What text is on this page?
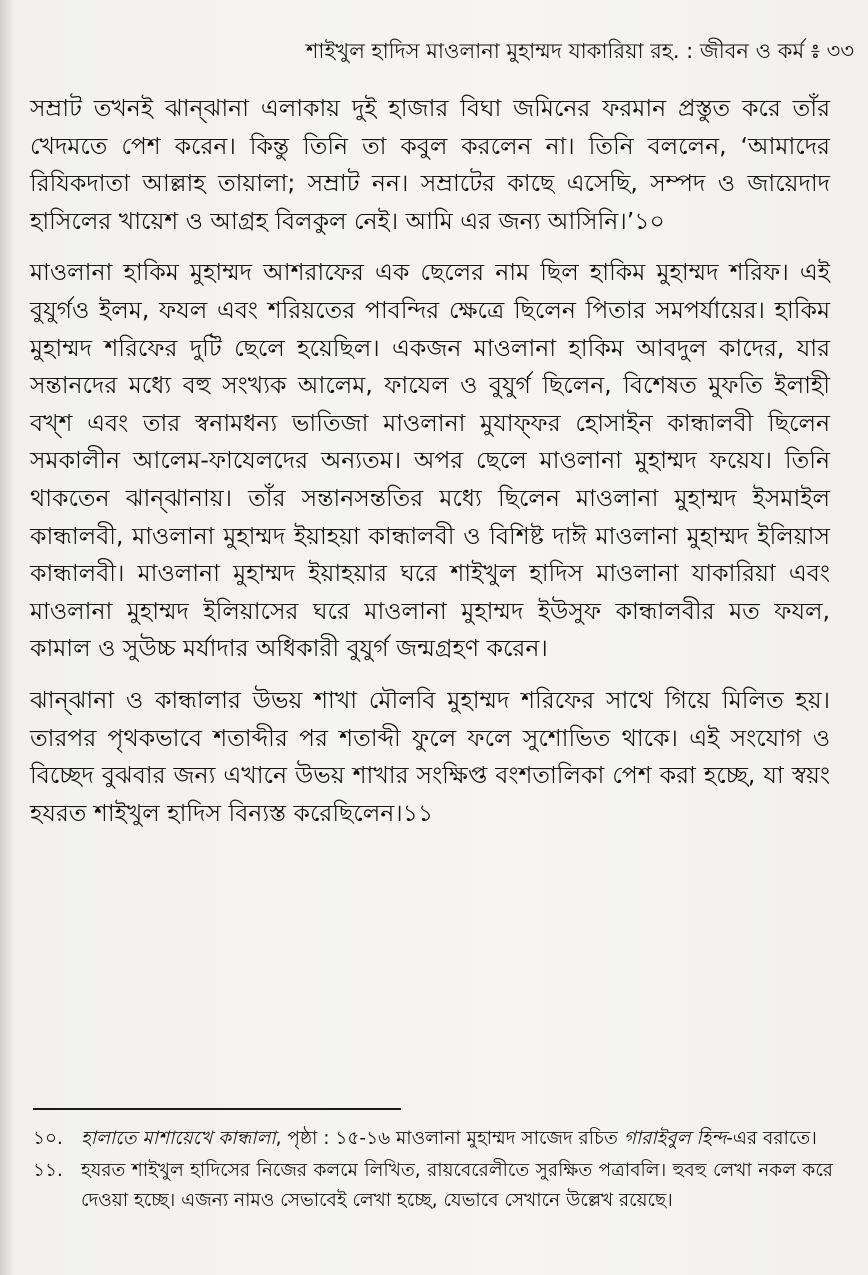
শাইখুল হাদিস মাওলানা মুহাম্মদ যাকারিয়া রহ. : জীবন ও কর্ম ៖ ৩৩

সম্রাট তখনই ঝান্‌ঝানা এলাকায় দুই হাজার বিঘা জমিনের ফরমান প্রস্তুত করে তাঁর খেদমতে পেশ করেন। কিন্তু তিনি তা কবুল করলেন না। তিনি বললেন, ‘আমাদের রিযিকদাতা আল্লাহ তায়ালা; সম্রাট নন। সম্রাটের কাছে এসেছি, সম্পদ ও জায়েদাদ হাসিলের খায়েশ ও আগ্রহ বিলকুল নেই। আমি এর জন্য আসিনি।’১০

মাওলানা হাকিম মুহাম্মদ আশরাফের এক ছেলের নাম ছিল হাকিম মুহাম্মদ শরিফ। এই বুযুর্গও ইলম, ফযল এবং শরিয়তের পাবন্দির ক্ষেত্রে ছিলেন পিতার সমপর্যায়ের। হাকিম মুহাম্মদ শরিফের দুটি ছেলে হয়েছিল। একজন মাওলানা হাকিম আবদুল কাদের, যার সন্তানদের মধ্যে বহু সংখ্যক আলেম, ফাযেল ও বুযুর্গ ছিলেন, বিশেষত মুফতি ইলাহী বখ্‌শ এবং তার স্বনামধন্য ভাতিজা মাওলানা মুযাফ্‌ফর হোসাইন কান্ধালবী ছিলেন সমকালীন আলেম-ফাযেলদের অন্যতম। অপর ছেলে মাওলানা মুহাম্মদ ফয়েয। তিনি থাকতেন ঝান্‌ঝানায়। তাঁর সন্তানসন্ততির মধ্যে ছিলেন মাওলানা মুহাম্মদ ইসমাইল কান্ধালবী, মাওলানা মুহাম্মদ ইয়াহয়া কান্ধালবী ও বিশিষ্ট দাঈ মাওলানা মুহাম্মদ ইলিয়াস কান্ধালবী। মাওলানা মুহাম্মদ ইয়াহয়ার ঘরে শাইখুল হাদিস মাওলানা যাকারিয়া এবং মাওলানা মুহাম্মদ ইলিয়াসের ঘরে মাওলানা মুহাম্মদ ইউসুফ কান্ধালবীর মত ফযল, কামাল ও সুউচ্চ মর্যাদার অধিকারী বুযুর্গ জন্মগ্রহণ করেন।

ঝান্‌ঝানা ও কান্ধালার উভয় শাখা মৌলবি মুহাম্মদ শরিফের সাথে গিয়ে মিলিত হয়। তারপর পৃথকভাবে শতাব্দীর পর শতাব্দী ফুলে ফলে সুশোভিত থাকে। এই সংযোগ ও বিচ্ছেদ বুঝবার জন্য এখানে উভয় শাখার সংক্ষিপ্ত বংশতালিকা পেশ করা হচ্ছে, যা স্বয়ং হযরত শাইখুল হাদিস বিন্যস্ত করেছিলেন।১১

১০. হালাতে মাশায়েখে কান্ধালা, পৃষ্ঠা : ১৫-১৬ মাওলানা মুহাম্মদ সাজেদ রচিত গারাইবুল হিন্দ-এর বরাতে।
১১. হযরত শাইখুল হাদিসের নিজের কলমে লিখিত, রায়বেরেলীতে সুরক্ষিত পত্রাবলি। হুবহু লেখা নকল করে দেওয়া হচ্ছে। এজন্য নামও সেভাবেই লেখা হচ্ছে, যেভাবে সেখানে উল্লেখ রয়েছে।
